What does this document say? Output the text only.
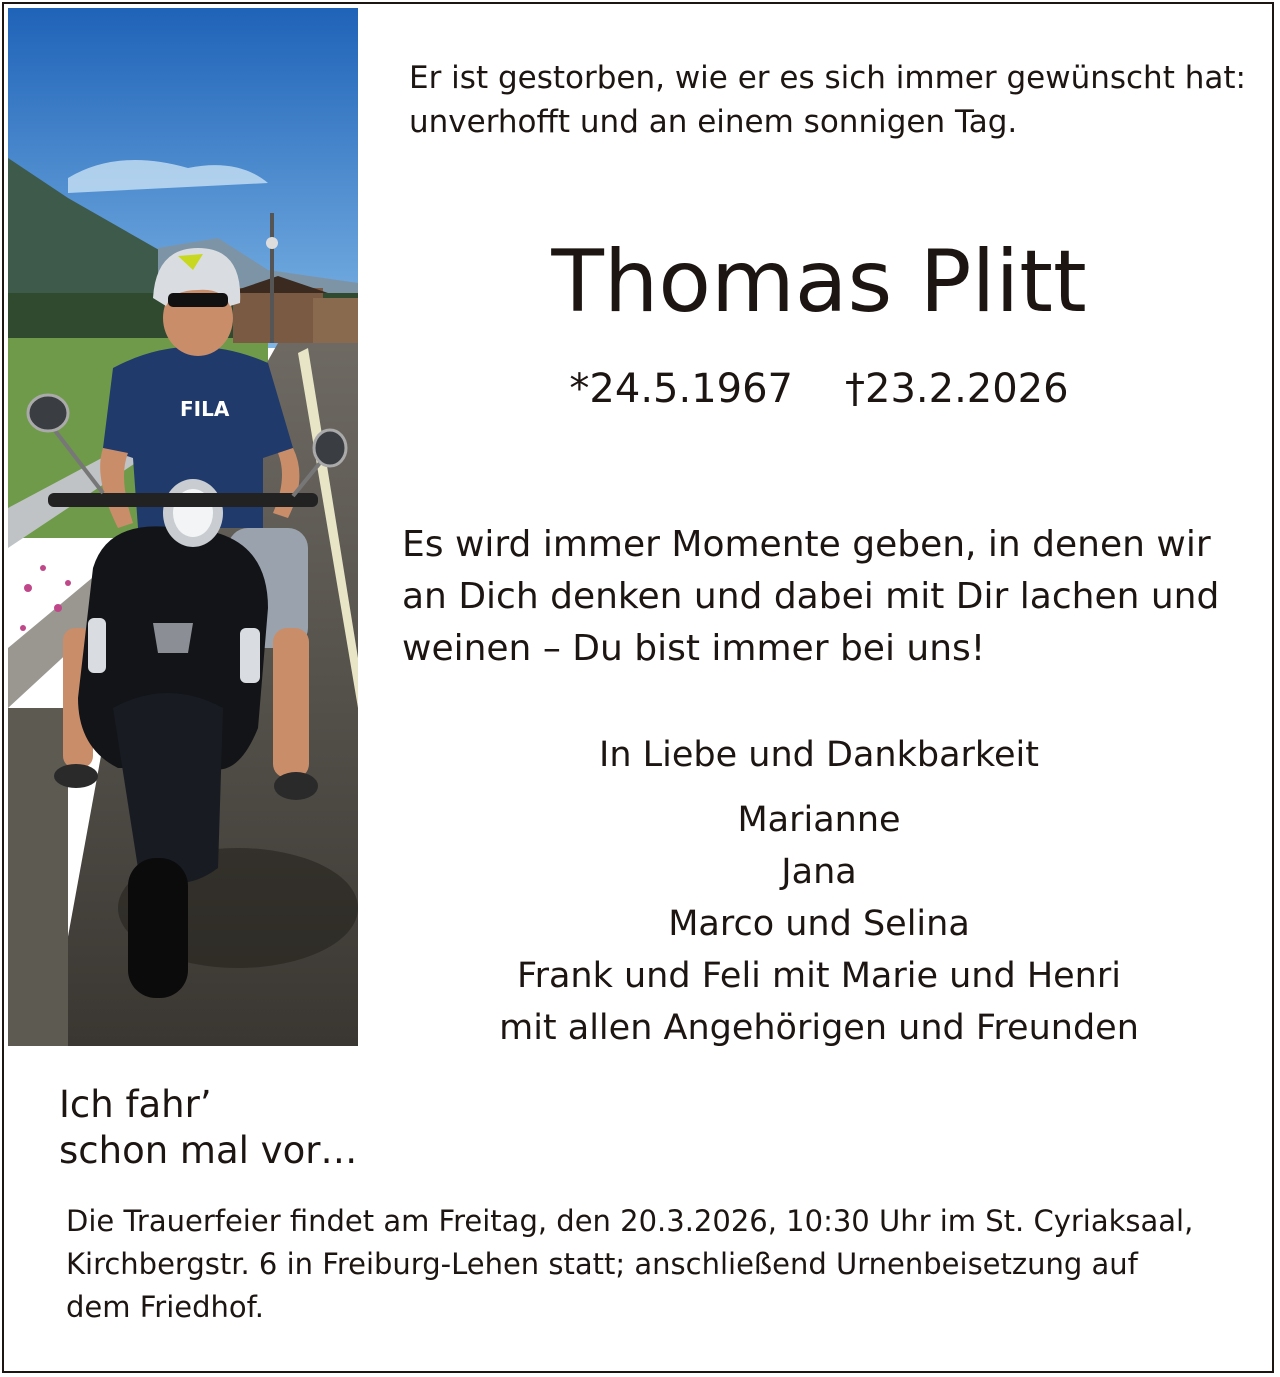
FILA
Er ist gestorben, wie er es sich immer gewünscht hat:
unverhofft und an einem sonnigen Tag.
Thomas Plitt
*24.5.1967 †23.2.2026
Es wird immer Momente geben, in denen wir
an Dich denken und dabei mit Dir lachen und
weinen – Du bist immer bei uns!
In Liebe und Dankbarkeit
Marianne
Jana
Marco und Selina
Frank und Feli mit Marie und Henri
mit allen Angehörigen und Freunden
Ich fahr’
schon mal vor…
Die Trauerfeier findet am Freitag, den 20.3.2026, 10:30 Uhr im St. Cyriaksaal,
Kirchbergstr. 6 in Freiburg-Lehen statt; anschließend Urnenbeisetzung auf
dem Friedhof.
